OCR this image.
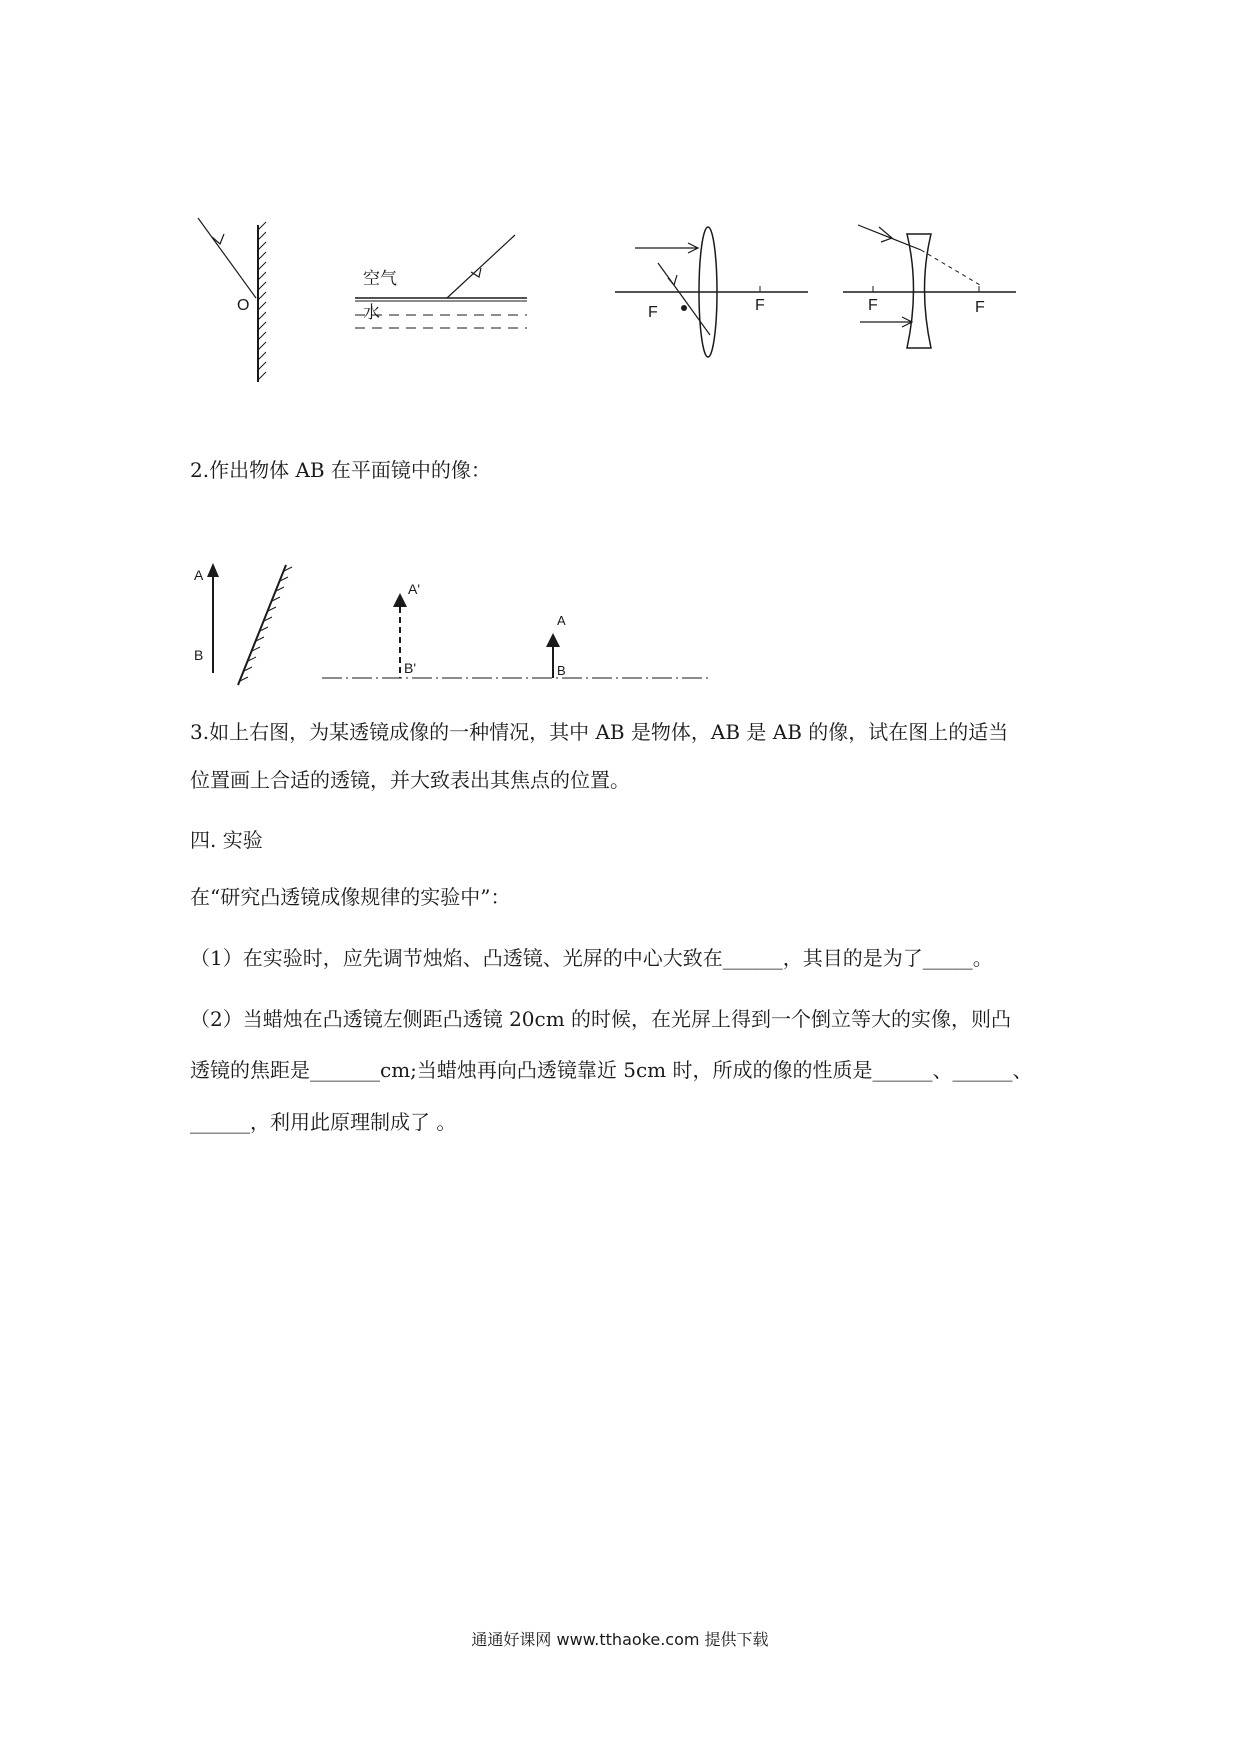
O
空气
水	F	F	F	F
2.作出物体 AB 在平面镜中的像：
A
B
A'
B'
A
B
3.如上右图，为某透镜成像的一种情况，其中 AB 是物体，AB 是 AB 的像，试在图上的适当
位置画上合适的透镜，并大致表出其焦点的位置。
四. 实验
在“研究凸透镜成像规律的实验中”：
（1）在实验时，应先调节烛焰、凸透镜、光屏的中心大致在______，其目的是为了_____。
（2）当蜡烛在凸透镜左侧距凸透镜 20cm 的时候，在光屏上得到一个倒立等大的实像，则凸
透镜的焦距是_______cm;当蜡烛再向凸透镜靠近 5cm 时，所成的像的性质是______、______、
______，利用此原理制成了 。
通通好课网 www.tthaoke.com 提供下载
